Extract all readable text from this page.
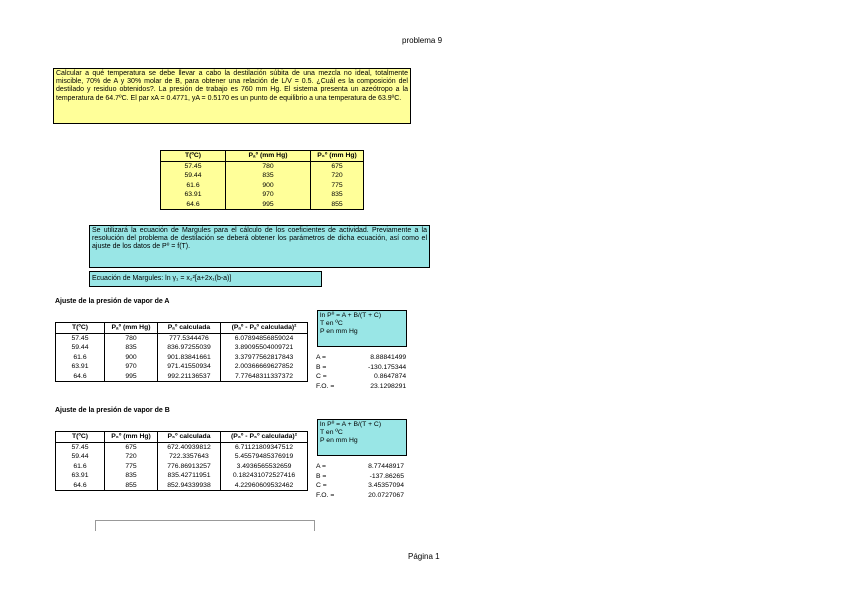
problema 9
Calcular a qué temperatura se debe llevar a cabo la destilación súbita de una mezcla no ideal, totalmente miscible, 70% de A y 30% molar de B, para obtener una relación de L/V = 0.5. ¿Cuál es la composición del destilado y residuo obtenidos?. La presión de trabajo es 760 mm Hg. El sistema presenta un azeótropo a la temperatura de 64.7ºC. El par xA = 0.4771, yA = 0.5170 es un punto de equilibrio a una temperatura de 63.9ºC.
T(ºC)	Pₐº (mm Hg)	P₆º (mm Hg)
57.45	780	675
59.44	835	720
61.6	900	775
63.91	970	835
64.6	995	855
Se utilizará la ecuación de Margules para el cálculo de los coeficientes de actividad. Previamente a la resolución del problema de destilación se deberá obtener los parámetros de dicha ecuación, así como el ajuste de los datos de Pº = f(T).
Ecuación de Margules: ln γ₁ = x₂²[a+2x₁(b-a)]
Ajuste de la presión de vapor de A
ln Pº = A + B/(T + C)
T en ºC
P en mm Hg
T(ºC)	Pₐº (mm Hg)	Pₐº calculada	(Pₐº - Pₐº calculada)²
57.45	780	777.5344476	6.07894856859024
59.44	835	836.97255039	3.89095504009721
61.6	900	901.83841661	3.37977562817843
63.91	970	971.41550934	2.00366669627852
64.6	995	992.21136537	7.77648311337372
A =	8.88841499
B =	-130.175344
C =	0.8647874
F.O. =	23.1298291
Ajuste de la presión de vapor de B
ln Pº = A + B/(T + C)
T en ºC
P en mm Hg
T(ºC)	P₆º (mm Hg)	P₆º calculada	(P₆º - P₆º calculada)²
57.45	675	672.40939812	6.71121809347512
59.44	720	722.3357643	5.45579485376919
61.6	775	776.86913257	3.4936565532659
63.91	835	835.42711951	0.182431072527416
64.6	855	852.94339938	4.22960609532462
A =	8.77448917
B =	-137.86265
C =	3.45357094
F.O. =	20.0727067
Página 1
